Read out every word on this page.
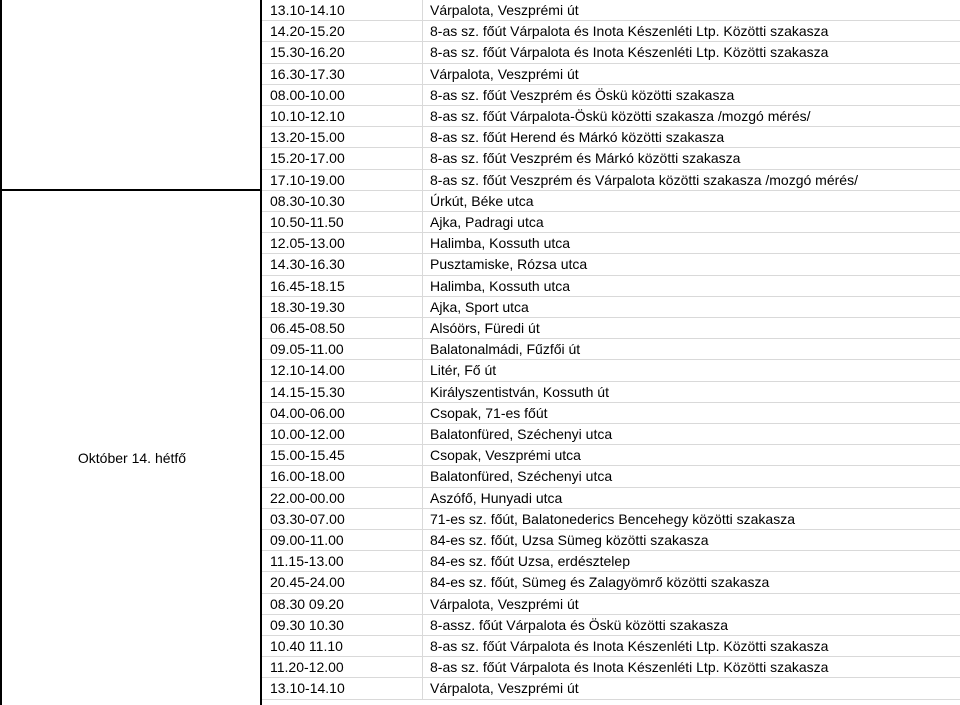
Október 14. hétfő
13.10-14.10	Várpalota, Veszprémi út
14.20-15.20	8-as sz. főút Várpalota és Inota Készenléti Ltp. Közötti szakasza
15.30-16.20	8-as sz. főút Várpalota és Inota Készenléti Ltp. Közötti szakasza
16.30-17.30	Várpalota, Veszprémi út
08.00-10.00	8-as sz. főút Veszprém és Öskü közötti szakasza
10.10-12.10	8-as sz. főút Várpalota-Öskü közötti szakasza /mozgó mérés/
13.20-15.00	8-as sz. főút Herend és Márkó közötti szakasza
15.20-17.00	8-as sz. főút Veszprém és Márkó közötti szakasza
17.10-19.00	8-as sz. főút Veszprém és Várpalota közötti szakasza /mozgó mérés/
08.30-10.30	Úrkút, Béke utca
10.50-11.50	Ajka, Padragi utca
12.05-13.00	Halimba, Kossuth utca
14.30-16.30	Pusztamiske, Rózsa utca
16.45-18.15	Halimba, Kossuth utca
18.30-19.30	Ajka, Sport utca
06.45-08.50	Alsóörs, Füredi út
09.05-11.00	Balatonalmádi, Fűzfői út
12.10-14.00	Litér, Fő út
14.15-15.30	Királyszentistván, Kossuth út
04.00-06.00	Csopak, 71-es főút
10.00-12.00	Balatonfüred, Széchenyi utca
15.00-15.45	Csopak, Veszprémi utca
16.00-18.00	Balatonfüred, Széchenyi utca
22.00-00.00	Aszófő, Hunyadi utca
03.30-07.00	71-es sz. főút, Balatonederics Bencehegy közötti szakasza
09.00-11.00	84-es sz. főút, Uzsa Sümeg közötti szakasza
11.15-13.00	84-es sz. főút Uzsa, erdésztelep
20.45-24.00	84-es sz. főút, Sümeg és Zalagyömrő közötti szakasza
08.30 09.20	Várpalota, Veszprémi út
09.30 10.30	8-assz. főút Várpalota és Öskü közötti szakasza
10.40 11.10	8-as sz. főút Várpalota és Inota Készenléti Ltp. Közötti szakasza
11.20-12.00	8-as sz. főút Várpalota és Inota Készenléti Ltp. Közötti szakasza
13.10-14.10	Várpalota, Veszprémi út
